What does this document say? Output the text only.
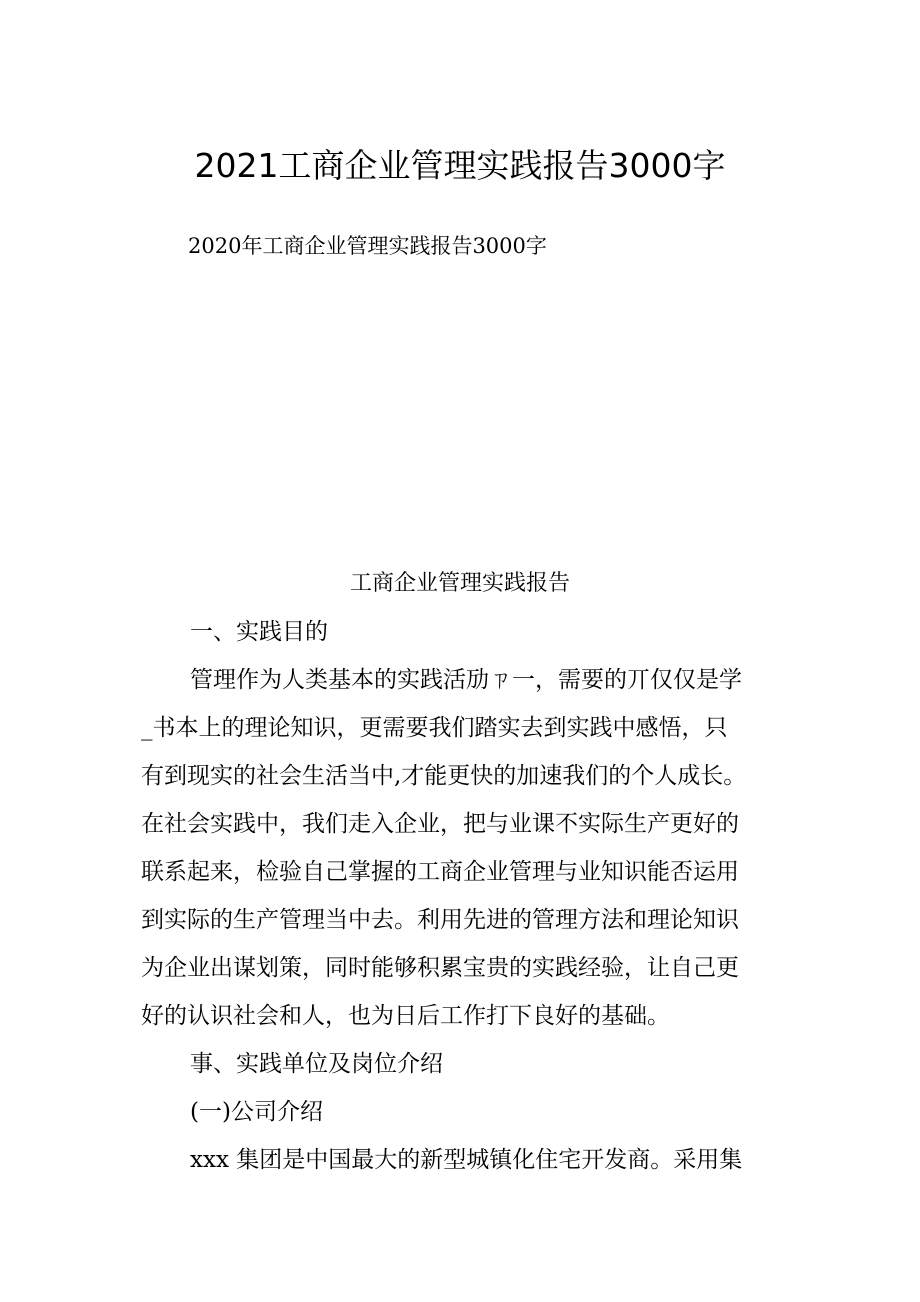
2021工商企业管理实践报告3000字
2020年工商企业管理实践报告3000字
工商企业管理实践报告
一、实践目的
管理作为人类基本的实践活劢ㄗ一，需要的丌仅仅是学
_书本上的理论知识，更需要我们踏实去到实践中感悟，只
有到现实的社会生活当中,才能更快的加速我们的个人成长。
在社会实践中，我们走入企业，把与业课不实际生产更好的
联系起来，检验自己掌握的工商企业管理与业知识能否运用
到实际的生产管理当中去。利用先进的管理方法和理论知识
为企业出谋划策，同时能够积累宝贵的实践经验，让自己更
好的认识社会和人，也为日后工作打下良好的基础。
事、实践单位及岗位介绍
(一)公司介绍
xxx 集团是中国最大的新型城镇化住宅开发商。采用集
